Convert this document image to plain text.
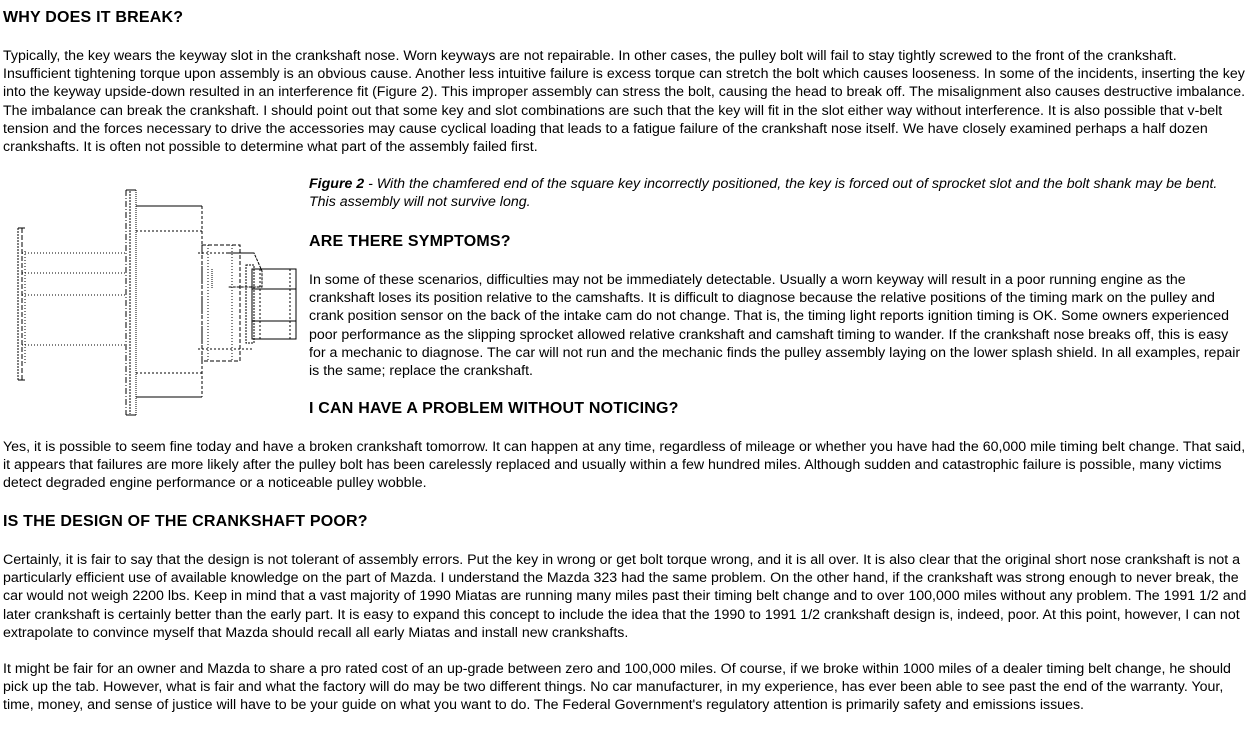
WHY DOES IT BREAK?

Typically, the key wears the keyway slot in the crankshaft nose. Worn keyways are not repairable. In other cases, the pulley bolt will fail to stay tightly screwed to the front of the crankshaft. Insufficient tightening torque upon assembly is an obvious cause. Another less intuitive failure is excess torque can stretch the bolt which causes looseness. In some of the incidents, inserting the key into the keyway upside-down resulted in an interference fit (Figure 2). This improper assembly can stress the bolt, causing the head to break off. The misalignment also causes destructive imbalance. The imbalance can break the crankshaft. I should point out that some key and slot combinations are such that the key will fit in the slot either way without interference. It is also possible that v-belt tension and the forces necessary to drive the accessories may cause cyclical loading that leads to a fatigue failure of the crankshaft nose itself. We have closely examined perhaps a half dozen crankshafts. It is often not possible to determine what part of the assembly failed first.

Figure 2 - With the chamfered end of the square key incorrectly positioned, the key is forced out of sprocket slot and the bolt shank may be bent. This assembly will not survive long.

ARE THERE SYMPTOMS?

In some of these scenarios, difficulties may not be immediately detectable. Usually a worn keyway will result in a poor running engine as the crankshaft loses its position relative to the camshafts. It is difficult to diagnose because the relative positions of the timing mark on the pulley and crank position sensor on the back of the intake cam do not change. That is, the timing light reports ignition timing is OK. Some owners experienced poor performance as the slipping sprocket allowed relative crankshaft and camshaft timing to wander. If the crankshaft nose breaks off, this is easy for a mechanic to diagnose. The car will not run and the mechanic finds the pulley assembly laying on the lower splash shield. In all examples, repair is the same; replace the crankshaft.

I CAN HAVE A PROBLEM WITHOUT NOTICING?

Yes, it is possible to seem fine today and have a broken crankshaft tomorrow. It can happen at any time, regardless of mileage or whether you have had the 60,000 mile timing belt change. That said, it appears that failures are more likely after the pulley bolt has been carelessly replaced and usually within a few hundred miles. Although sudden and catastrophic failure is possible, many victims detect degraded engine performance or a noticeable pulley wobble.

IS THE DESIGN OF THE CRANKSHAFT POOR?

Certainly, it is fair to say that the design is not tolerant of assembly errors. Put the key in wrong or get bolt torque wrong, and it is all over. It is also clear that the original short nose crankshaft is not a particularly efficient use of available knowledge on the part of Mazda. I understand the Mazda 323 had the same problem. On the other hand, if the crankshaft was strong enough to never break, the car would not weigh 2200 lbs. Keep in mind that a vast majority of 1990 Miatas are running many miles past their timing belt change and to over 100,000 miles without any problem. The 1991 1/2 and later crankshaft is certainly better than the early part. It is easy to expand this concept to include the idea that the 1990 to 1991 1/2 crankshaft design is, indeed, poor. At this point, however, I can not extrapolate to convince myself that Mazda should recall all early Miatas and install new crankshafts.

It might be fair for an owner and Mazda to share a pro rated cost of an up-grade between zero and 100,000 miles. Of course, if we broke within 1000 miles of a dealer timing belt change, he should pick up the tab. However, what is fair and what the factory will do may be two different things. No car manufacturer, in my experience, has ever been able to see past the end of the warranty. Your, time, money, and sense of justice will have to be your guide on what you want to do. The Federal Government's regulatory attention is primarily safety and emissions issues.
